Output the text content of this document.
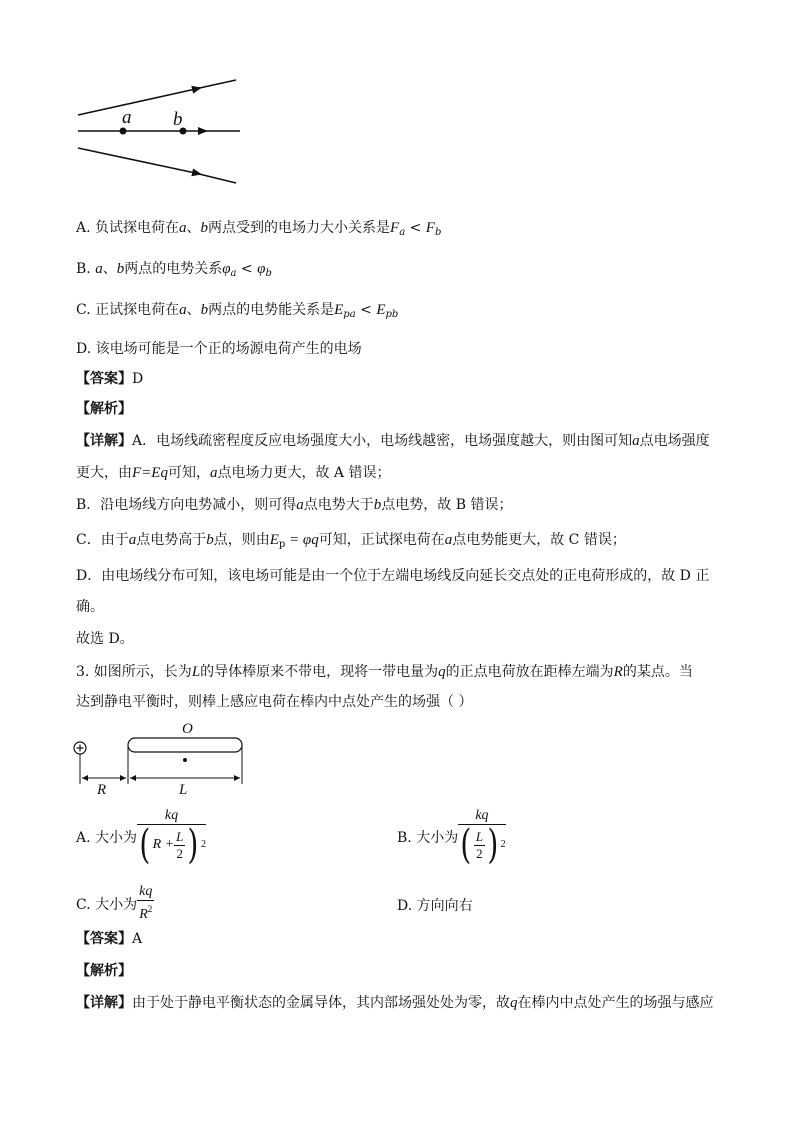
a b
A. 负试探电荷在a、b两点受到的电场力大小关系是$F_a < F_b$
B. a、b两点的电势关系$\varphi_a < \varphi_b$
C. 正试探电荷在a、b两点的电势能关系是$E_{pa} < E_{pb}$
D. 该电场可能是一个正的场源电荷产生的电场
【答案】D
【解析】
【详解】A．电场线疏密程度反应电场强度大小，电场线越密，电场强度越大，则由图可知a点电场强度
更大，由F=Eq可知，a点电场力更大，故 A 错误；
B．沿电场线方向电势减小，则可得a点电势大于b点电势，故 B 错误；
C．由于a点电势高于b点，则由$E_p = \varphi q$可知，正试探电荷在a点电势能更大，故 C 错误；
D．由电场线分布可知，该电场可能是由一个位于左端电场线反向延长交点处的正电荷形成的，故 D 正
确。
故选 D。
3. 如图所示，长为L的导体棒原来不带电，现将一带电量为q的正点电荷放在距棒左端为R的某点。当
达到静电平衡时，则棒上感应电荷在棒内中点处产生的场强（ ）
O
R	L
A. 大小为 $\frac{kq}{( R + \frac{L}{2} ) 2}$	B. 大小为 $\frac{kq}{( \frac{L}{2} ) 2}$
C. 大小为 $\frac{kq}{R^2}$	D. 方向向右
【答案】A
【解析】
【详解】由于处于静电平衡状态的金属导体，其内部场强处处为零，故q在棒内中点处产生的场强与感应
